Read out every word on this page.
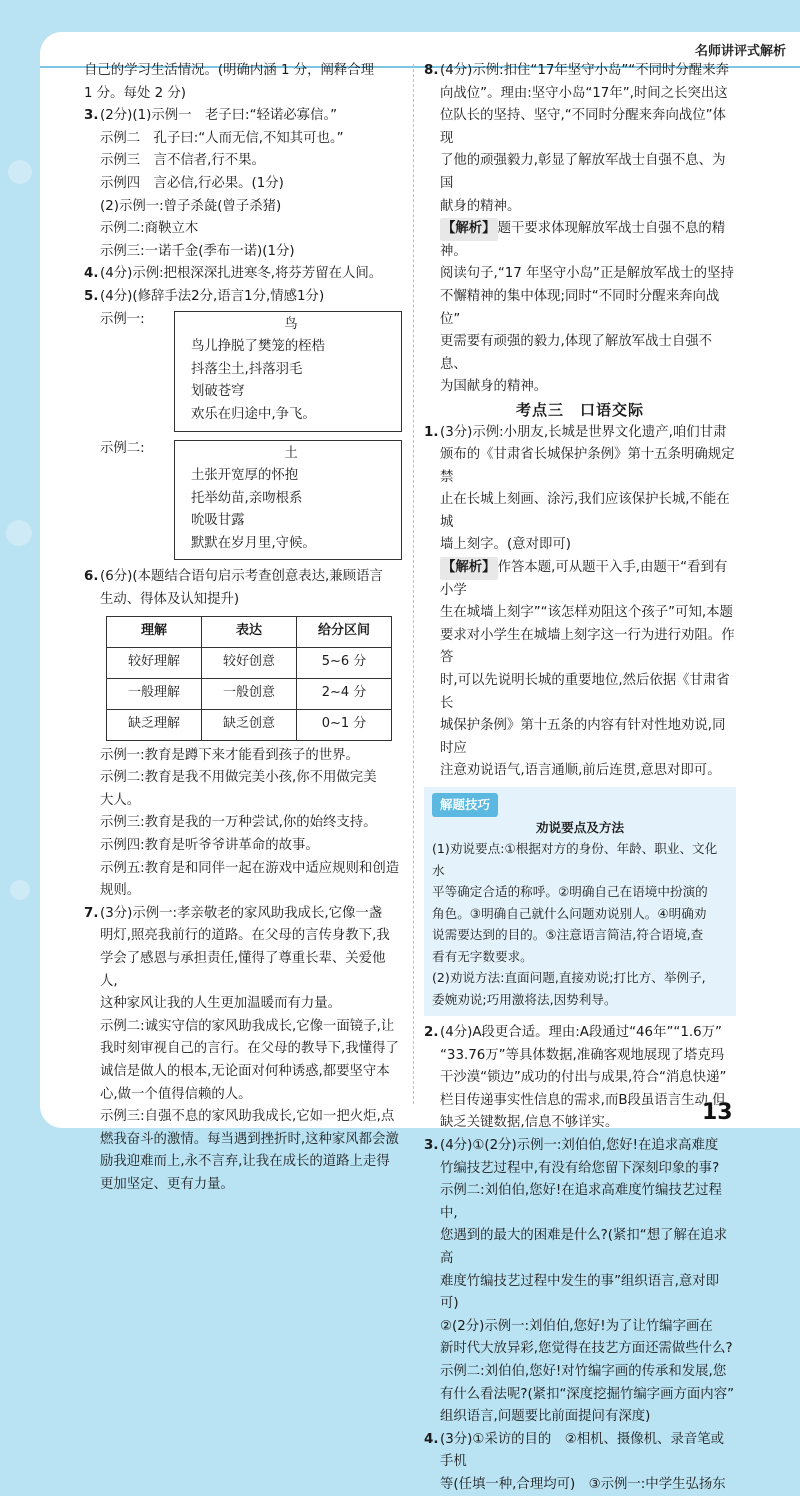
名师讲评式解析

自己的学习生活情况。(明确内涵 1 分，阐释合理

1 分。每处 2 分)

3. (2分)(1)示例一　老子曰:“轻诺必寡信。”

示例二　孔子曰:“人而无信,不知其可也。”

示例三　言不信者,行不果。

示例四　言必信,行必果。(1分)

(2)示例一:曾子杀彘(曾子杀猪)

示例二:商鞅立木

示例三:一诺千金(季布一诺)(1分)

4. (4分)示例:把根深深扎进寒冬,将芬芳留在人间。

5. (4分)(修辞手法2分,语言1分,情感1分)

示例一:	鸟

鸟儿挣脱了樊笼的桎梏

抖落尘土,抖落羽毛

划破苍穹

欢乐在归途中,争飞。

示例二:	土

土张开宽厚的怀抱

托举幼苗,亲吻根系

吮吸甘露

默默在岁月里,守候。

6. (6分)(本题结合语句启示考查创意表达,兼顾语言

生动、得体及认知提升)

理解	表达	给分区间
较好理解	较好创意	5~6 分
一般理解	一般创意	2~4 分
缺乏理解	缺乏创意	0~1 分

示例一:教育是蹲下来才能看到孩子的世界。

示例二:教育是我不用做完美小孩,你不用做完美

大人。

示例三:教育是我的一万种尝试,你的始终支持。

示例四:教育是听爷爷讲革命的故事。

示例五:教育是和同伴一起在游戏中适应规则和创造

规则。

7. (3分)示例一:孝亲敬老的家风助我成长,它像一盏

明灯,照亮我前行的道路。在父母的言传身教下,我

学会了感恩与承担责任,懂得了尊重长辈、关爱他人,

这种家风让我的人生更加温暖而有力量。

示例二:诚实守信的家风助我成长,它像一面镜子,让

我时刻审视自己的言行。在父母的教导下,我懂得了

诚信是做人的根本,无论面对何种诱惑,都要坚守本

心,做一个值得信赖的人。

示例三:自强不息的家风助我成长,它如一把火炬,点

燃我奋斗的激情。每当遇到挫折时,这种家风都会激

励我迎难而上,永不言弃,让我在成长的道路上走得

更加坚定、更有力量。

8. (4分)示例:扣住“17年坚守小岛”“不同时分醒来奔

向战位”。理由:坚守小岛“17年”,时间之长突出这

位队长的坚持、坚守,“不同时分醒来奔向战位”体现

了他的顽强毅力,彰显了解放军战士自强不息、为国

献身的精神。

【解析】 题干要求体现解放军战士自强不息的精神。

阅读句子,“17 年坚守小岛”正是解放军战士的坚持

不懈精神的集中体现;同时“不同时分醒来奔向战位”

更需要有顽强的毅力,体现了解放军战士自强不息、

为国献身的精神。

考点三　口语交际

1. (3分)示例:小朋友,长城是世界文化遗产,咱们甘肃

颁布的《甘肃省长城保护条例》第十五条明确规定禁

止在长城上刻画、涂污,我们应该保护长城,不能在城

墙上刻字。(意对即可)

【解析】 作答本题,可从题干入手,由题干“看到有小学

生在城墙上刻字”“该怎样劝阻这个孩子”可知,本题

要求对小学生在城墙上刻字这一行为进行劝阻。作答

时,可以先说明长城的重要地位,然后依据《甘肃省长

城保护条例》第十五条的内容有针对性地劝说,同时应

注意劝说语气,语言通顺,前后连贯,意思对即可。

解题技巧

劝说要点及方法

(1)劝说要点:①根据对方的身份、年龄、职业、文化水

平等确定合适的称呼。②明确自己在语境中扮演的

角色。③明确自己就什么问题劝说别人。④明确劝

说需要达到的目的。⑤注意语言简洁,符合语境,查

看有无字数要求。

(2)劝说方法:直面问题,直接劝说;打比方、举例子,

委婉劝说;巧用激将法,因势利导。

2. (4分)A段更合适。理由:A段通过“46年”“1.6万”

“33.76万”等具体数据,准确客观地展现了塔克玛

干沙漠“锁边”成功的付出与成果,符合“消息快递”

栏目传递事实性信息的需求,而B段虽语言生动,但

缺乏关键数据,信息不够详实。

3. (4分)①(2分)示例一:刘伯伯,您好!在追求高难度

竹编技艺过程中,有没有给您留下深刻印象的事?

示例二:刘伯伯,您好!在追求高难度竹编技艺过程中,

您遇到的最大的困难是什么?(紧扣“想了解在追求高

难度竹编技艺过程中发生的事”组织语言,意对即可)

②(2分)示例一:刘伯伯,您好!为了让竹编字画在

新时代大放异彩,您觉得在技艺方面还需做些什么?

示例二:刘伯伯,您好!对竹编字画的传承和发展,您

有什么看法呢?(紧扣“深度挖掘竹编字画方面内容”

组织语言,问题要比前面提问有深度)

4. (3分)①采访的目的　②相机、摄像机、录音笔或手机

等(任填一种,合理均可)　③示例一:中学生弘扬东

13
